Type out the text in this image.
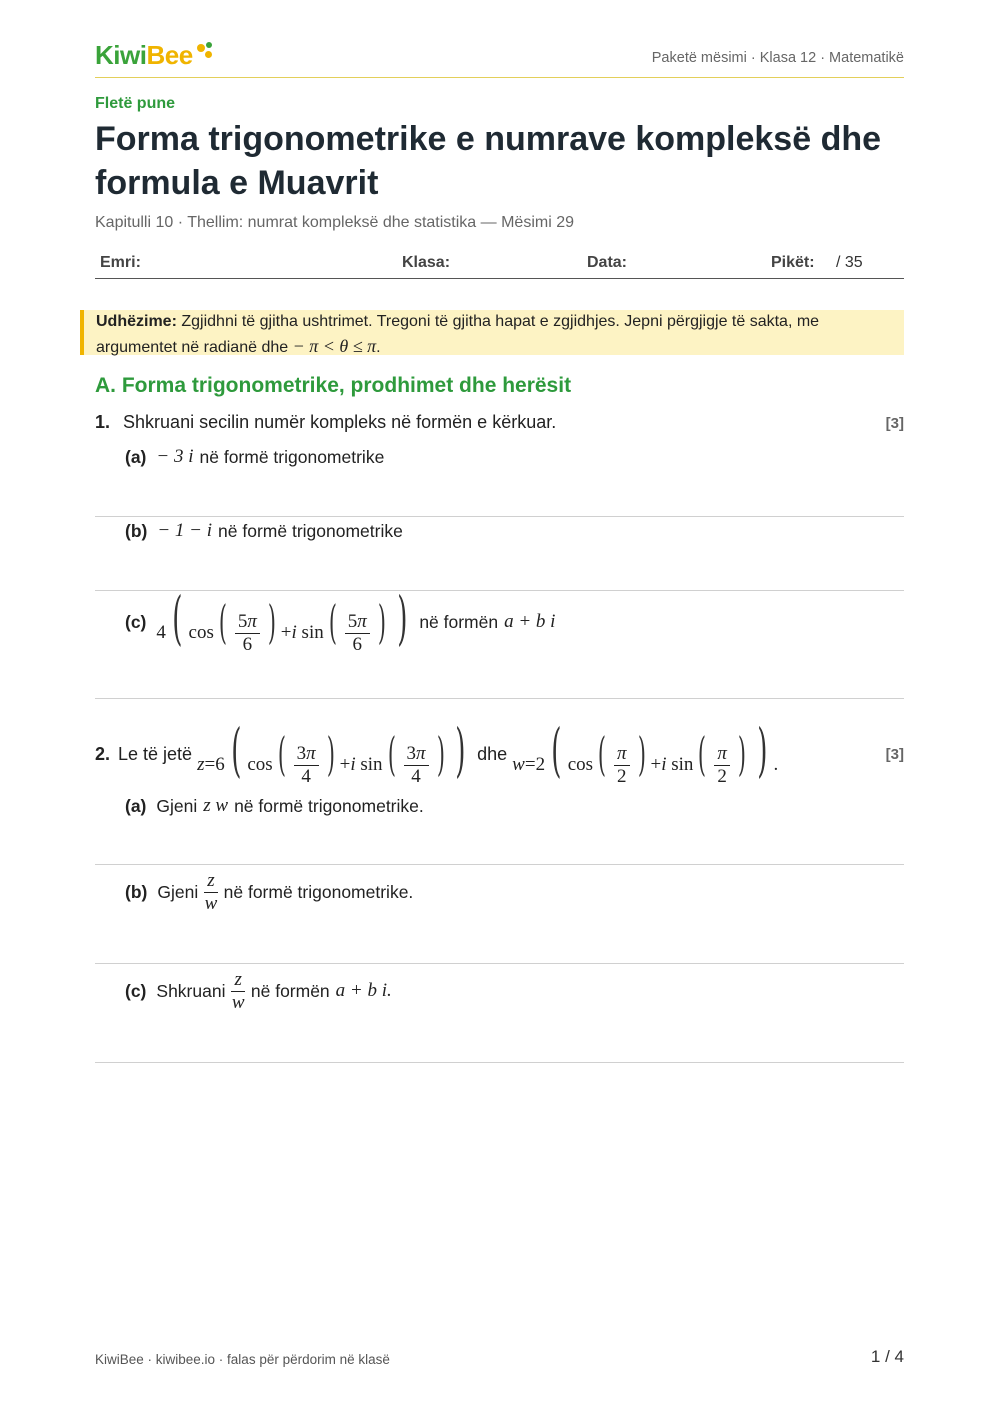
KiwiBee	Paketë mësimi · Klasa 12 · Matematikë
Fletë pune
Forma trigonometrike e numrave kompleksë dhe formula e Muavrit
Kapitulli 10 · Thellim: numrat kompleksë dhe statistika — Mësimi 29
Emri:	Klasa:	Data:	Pikët: / 35
Udhëzime: Zgjidhni të gjitha ushtrimet. Tregoni të gjitha hapat e zgjidhjes. Jepni përgjigje të sakta, me argumentet në radianë dhe − π < θ ≤ π.
A. Forma trigonometrike, prodhimet dhe herësit
1. Shkruani secilin numër kompleks në formën e kërkuar.	[3]
(a) − 3 i në formë trigonometrike
(b) − 1 − i në formë trigonometrike
(c)
4 ( cos ( $\frac{5\pi}{6}$ ) +i sin ( $\frac{5\pi}{6}$ ) ) në formën a + b i
2. Le të jetë
z=6 ( cos ( $\frac{3\pi}{4}$ ) +i sin ( $\frac{3\pi}{4}$ ) ) dhe
w=2 ( cos ( $\frac{\pi}{2}$ ) +i sin ( $\frac{\pi}{2}$ ) ) .	[3]
(a) Gjeni z w në formë trigonometrike.
(b) Gjeni $\frac{z}{w}$ në formë trigonometrike.
(c) Shkruani $\frac{z}{w}$ në formën a + b i.
KiwiBee · kiwibee.io · falas për përdorim në klasë	1 / 4
